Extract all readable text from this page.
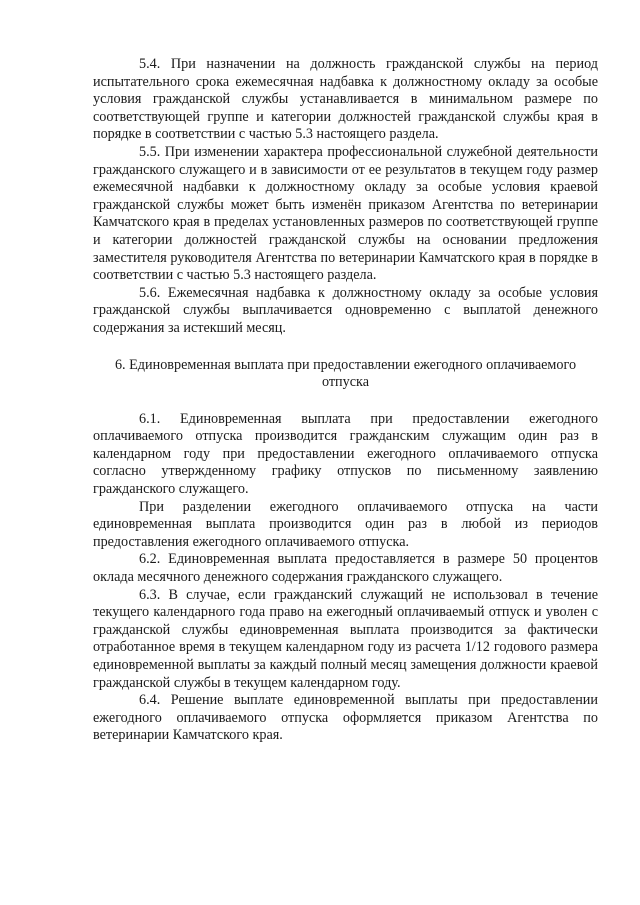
5.4. При назначении на должность гражданской службы на период испытательного срока ежемесячная надбавка к должностному окладу за особые условия гражданской службы устанавливается в минимальном размере по соответствующей группе и категории должностей гражданской службы края в порядке в соответствии с частью 5.3 настоящего раздела.

5.5. При изменении характера профессиональной служебной деятельности гражданского служащего и в зависимости от ее результатов в текущем году размер ежемесячной надбавки к должностному окладу за особые условия краевой гражданской службы может быть изменён приказом Агентства по ветеринарии Камчатского края в пределах установленных размеров по соответствующей группе и категории должностей гражданской службы на основании предложения заместителя руководителя Агентства по ветеринарии Камчатского края в порядке в соответствии с частью 5.3 настоящего раздела.

5.6. Ежемесячная надбавка к должностному окладу за особые условия гражданской службы выплачивается одновременно с выплатой денежного содержания за истекший месяц.

6. Единовременная выплата при предоставлении ежегодного оплачиваемого отпуска

6.1. Единовременная выплата при предоставлении ежегодного оплачиваемого отпуска производится гражданским служащим один раз в календарном году при предоставлении ежегодного оплачиваемого отпуска согласно утвержденному графику отпусков по письменному заявлению гражданского служащего.

При разделении ежегодного оплачиваемого отпуска на части единовременная выплата производится один раз в любой из периодов предоставления ежегодного оплачиваемого отпуска.

6.2. Единовременная выплата предоставляется в размере 50 процентов оклада месячного денежного содержания гражданского служащего.

6.3. В случае, если гражданский служащий не использовал в течение текущего календарного года право на ежегодный оплачиваемый отпуск и уволен с гражданской службы единовременная выплата производится за фактически отработанное время в текущем календарном году из расчета 1/12 годового размера единовременной выплаты за каждый полный месяц замещения должности краевой гражданской службы в текущем календарном году.

6.4. Решение выплате единовременной выплаты при предоставлении ежегодного оплачиваемого отпуска оформляется приказом Агентства по ветеринарии Камчатского края.
